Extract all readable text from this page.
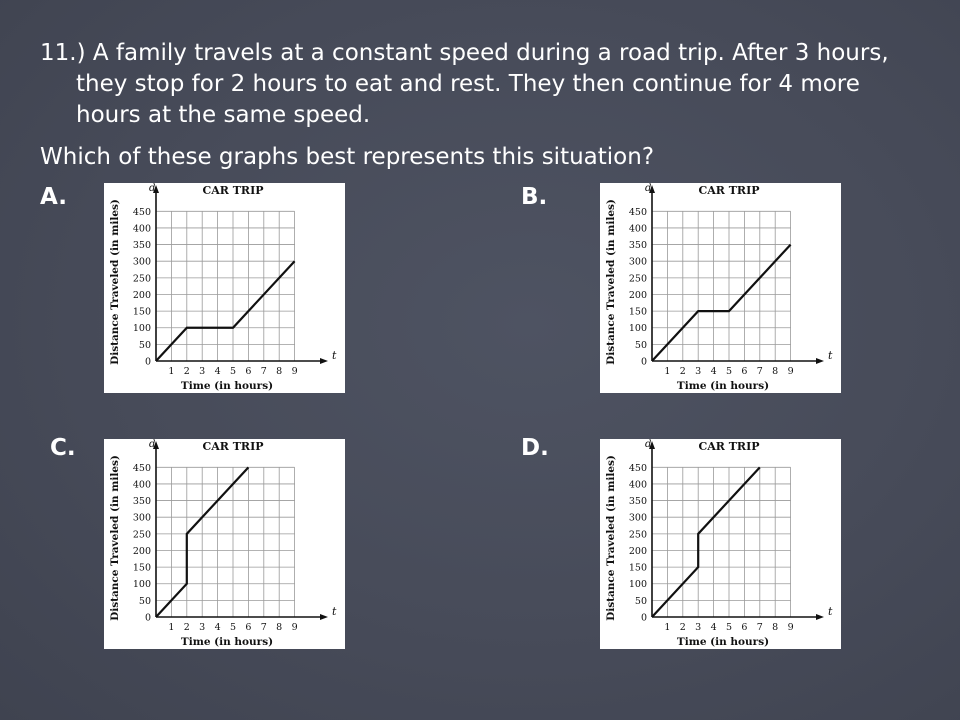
11.) A family travels at a constant speed during a road trip. After 3 hours,
they stop for 2 hours to eat and rest. They then continue for 4 more
hours at the same speed.
Which of these graphs best represents this situation?
A.	B.
C.	D.
t
d	CAR TRIP
1 2 3 4 5 6 7 8 9
0
50
100
150
200
250
300
350
400
450
Time (in hours)
Distance Traveled (in miles)	t
d	CAR TRIP
1 2 3 4 5 6 7 8 9
0
50
100
150
200
250
300
350
400
450
Time (in hours)
Distance Traveled (in miles)
t
d	CAR TRIP
1 2 3 4 5 6 7 8 9
0
50
100
150
200
250
300
350
400
450
Time (in hours)
Distance Traveled (in miles)	t
d	CAR TRIP
1 2 3 4 5 6 7 8 9
0
50
100
150
200
250
300
350
400
450
Time (in hours)
Distance Traveled (in miles)
